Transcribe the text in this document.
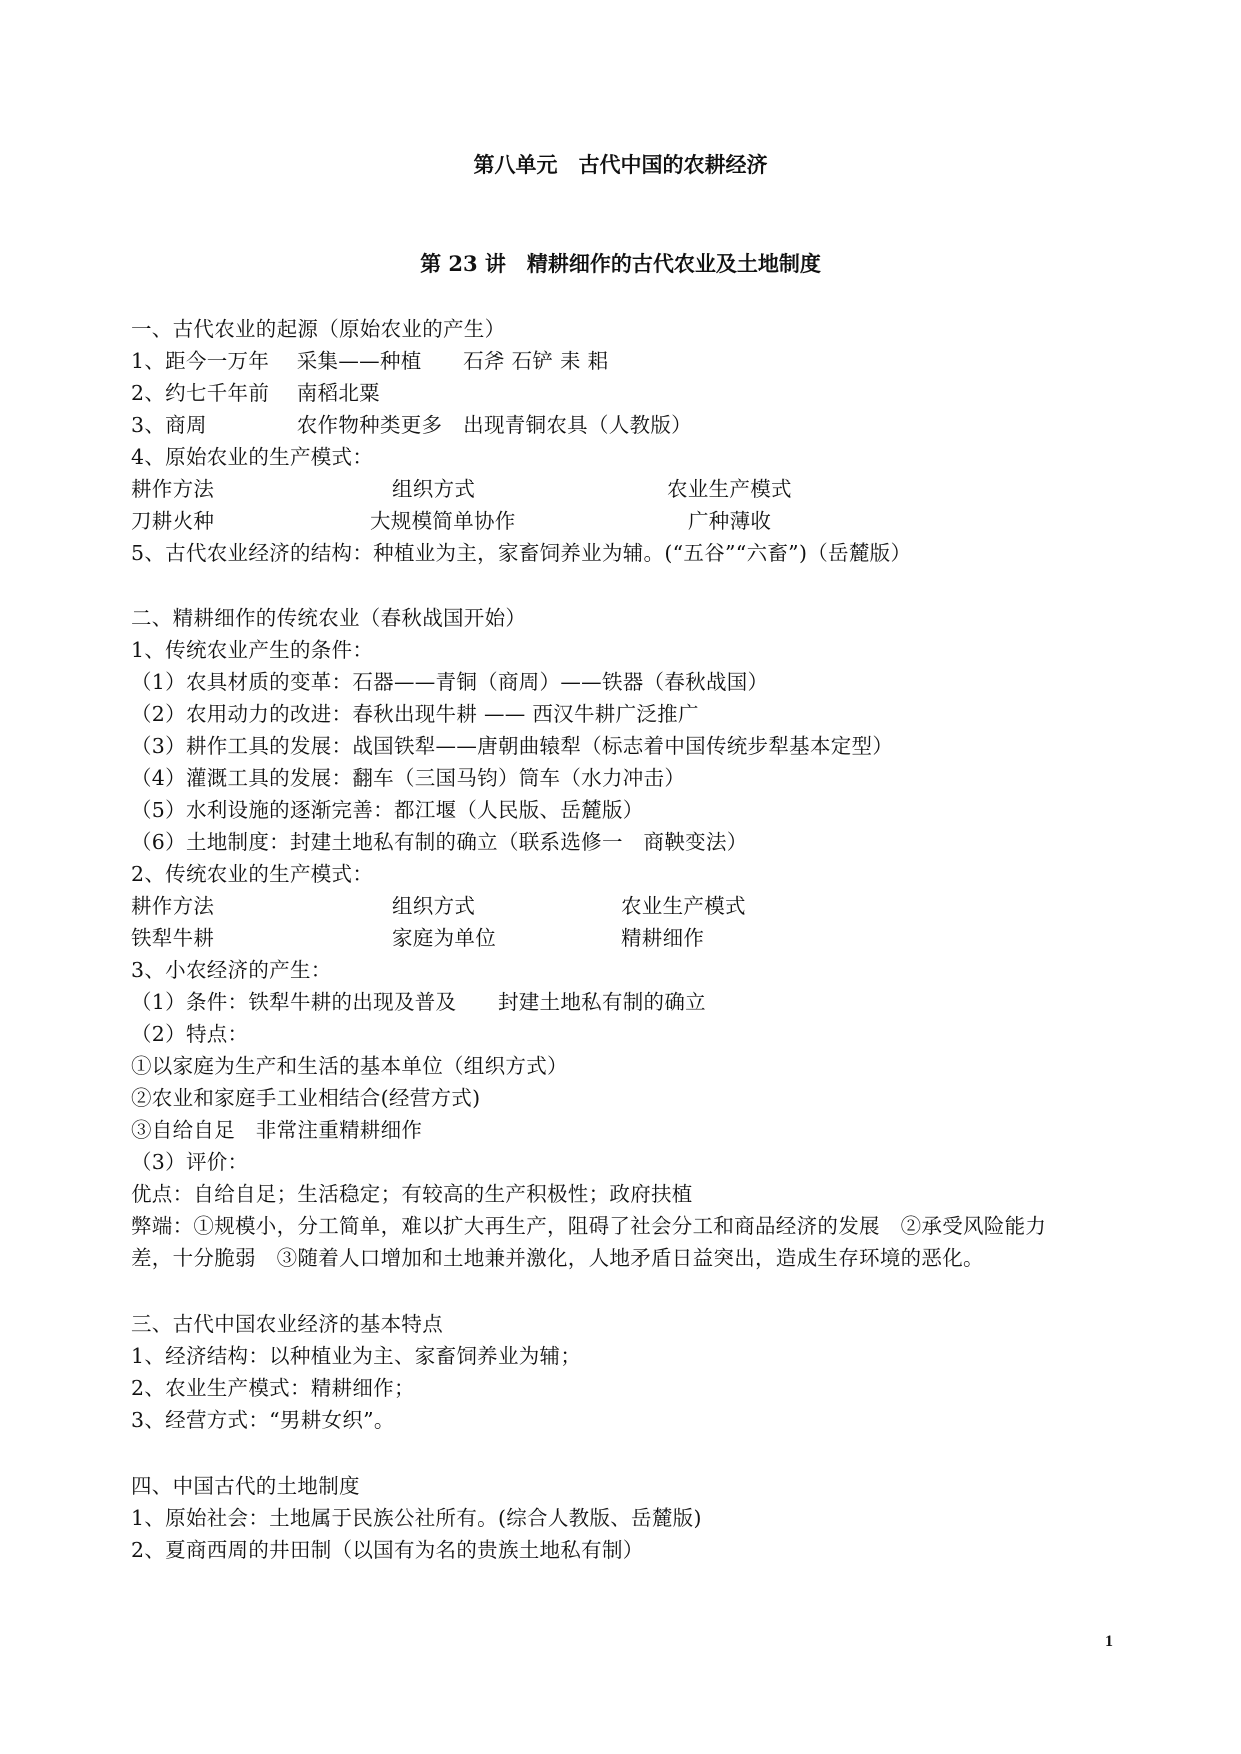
第八单元　古代中国的农耕经济
第 23 讲　精耕细作的古代农业及土地制度
一、古代农业的起源（原始农业的产生）
1、距今一万年　 采集——种植　　石斧 石铲 耒 耜
2、约七千年前　 南稻北粟
3、商周　　　　 农作物种类更多　出现青铜农具（人教版）
4、原始农业的生产模式：
耕作方法	组织方式	农业生产模式
刀耕火种	大规模简单协作	广种薄收
5、古代农业经济的结构：种植业为主，家畜饲养业为辅。(“五谷”“六畜”)（岳麓版）
二、精耕细作的传统农业（春秋战国开始）
1、传统农业产生的条件：
（1）农具材质的变革：石器——青铜（商周）——铁器（春秋战国）
（2）农用动力的改进：春秋出现牛耕 —— 西汉牛耕广泛推广
（3）耕作工具的发展：战国铁犁——唐朝曲辕犁（标志着中国传统步犁基本定型）
（4）灌溉工具的发展：翻车（三国马钧）筒车（水力冲击）
（5）水利设施的逐渐完善：都江堰（人民版、岳麓版）
（6）土地制度：封建土地私有制的确立（联系选修一　商鞅变法）
2、传统农业的生产模式：
耕作方法	组织方式	农业生产模式
铁犁牛耕	家庭为单位	精耕细作
3、小农经济的产生：
（1）条件：铁犁牛耕的出现及普及　　封建土地私有制的确立
（2）特点：
①以家庭为生产和生活的基本单位（组织方式）
②农业和家庭手工业相结合(经营方式)
③自给自足　非常注重精耕细作
（3）评价：
优点：自给自足；生活稳定；有较高的生产积极性；政府扶植
弊端：①规模小，分工简单，难以扩大再生产，阻碍了社会分工和商品经济的发展　②承受风险能力
差，十分脆弱　③随着人口增加和土地兼并激化，人地矛盾日益突出，造成生存环境的恶化。
三、古代中国农业经济的基本特点
1、经济结构：以种植业为主、家畜饲养业为辅；
2、农业生产模式：精耕细作；
3、经营方式：“男耕女织”。
四、中国古代的土地制度
1、原始社会：土地属于民族公社所有。(综合人教版、岳麓版)
2、夏商西周的井田制（以国有为名的贵族土地私有制）
1
